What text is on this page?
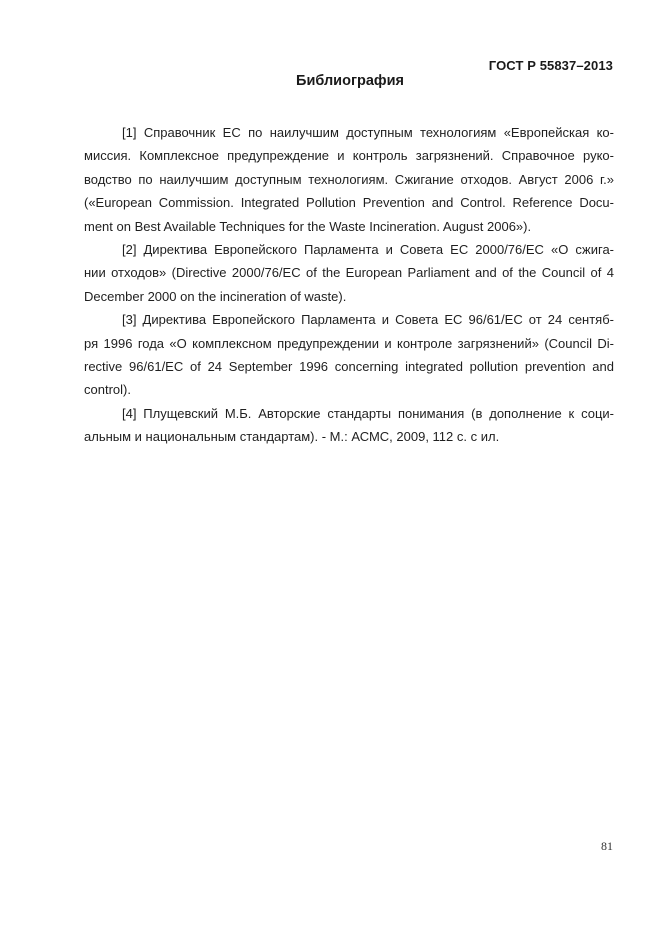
ГОСТ Р 55837–2013
Библиография

[1] Справочник ЕС по наилучшим доступным технологиям «Европейская ко-
миссия. Комплексное предупреждение и контроль загрязнений. Справочное руко-
водство по наилучшим доступным технологиям. Сжигание отходов. Август 2006 г.»
(«European Commission. Integrated Pollution Prevention and Control. Reference Docu-
ment on Best Available Techniques for the Waste Incineration. August 2006»).

[2] Директива Европейского Парламента и Совета ЕС 2000/76/ЕС «О сжига-
нии отходов» (Directive 2000/76/EC of the European Parliament and of the Council of 4
December 2000 on the incineration of waste).

[3] Директива Европейского Парламента и Совета ЕС 96/61/ЕС от 24 сентяб-
ря 1996 года «О комплексном предупреждении и контроле загрязнений» (Council Di-
rective 96/61/EC of 24 September 1996 concerning integrated pollution prevention and
control).

[4] Плущевский М.Б. Авторские стандарты понимания (в дополнение к соци-
альным и национальным стандартам). - М.: АСМС, 2009, 112 с. с ил.

81
